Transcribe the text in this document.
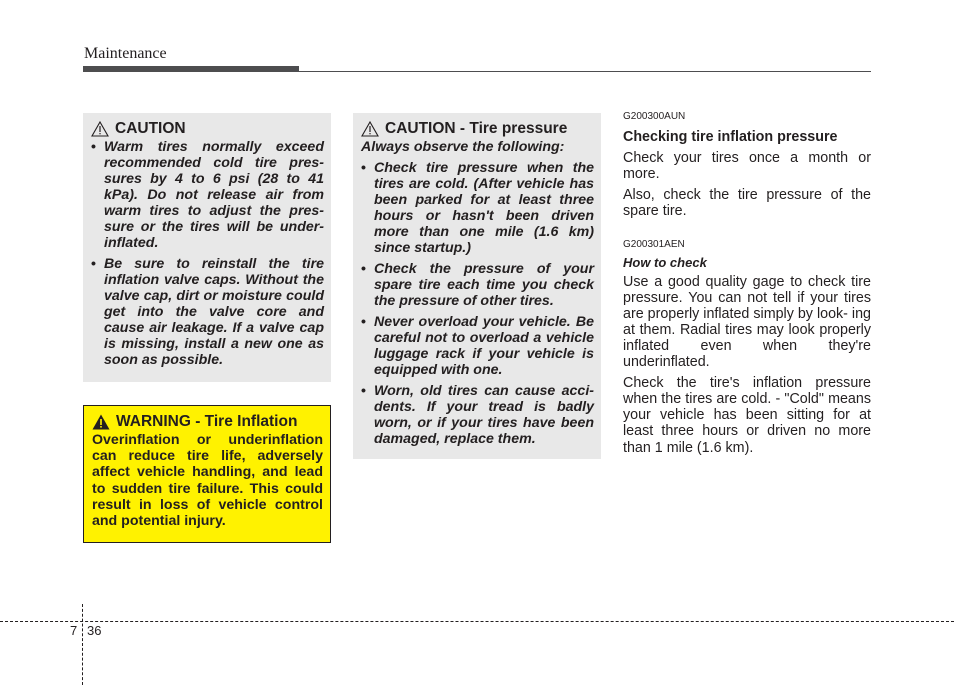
Maintenance
CAUTION
• Warm tires normally exceed recommended cold tire pres- sures by 4 to 6 psi (28 to 41 kPa). Do not release air from warm tires to adjust the pres- sure or the tires will be under- inflated.
• Be sure to reinstall the tire inflation valve caps. Without the valve cap, dirt or moisture could get into the valve core and cause air leakage. If a valve cap is missing, install a new one as soon as possible.
WARNING - Tire Inflation
Overinflation or underinflation can reduce tire life, adversely affect vehicle handling, and lead to sudden tire failure. This could result in loss of vehicle control and potential injury.
CAUTION - Tire pressure
Always observe the following:
• Check tire pressure when the tires are cold. (After vehicle has been parked for at least three hours or hasn't been driven more than one mile (1.6 km) since startup.)
• Check the pressure of your spare tire each time you check the pressure of other tires.
• Never overload your vehicle. Be careful not to overload a vehicle luggage rack if your vehicle is equipped with one.
• Worn, old tires can cause acci- dents. If your tread is badly worn, or if your tires have been damaged, replace them.
G200300AUN
Checking tire inflation pressure
Check your tires once a month or more.
Also, check the tire pressure of the spare tire.
G200301AEN
How to check
Use a good quality gage to check tire pressure. You can not tell if your tires are properly inflated simply by look- ing at them. Radial tires may look properly inflated even when they're underinflated.
Check the tire's inflation pressure when the tires are cold. - "Cold" means your vehicle has been sitting for at least three hours or driven no more than 1 mile (1.6 km).
7 36
